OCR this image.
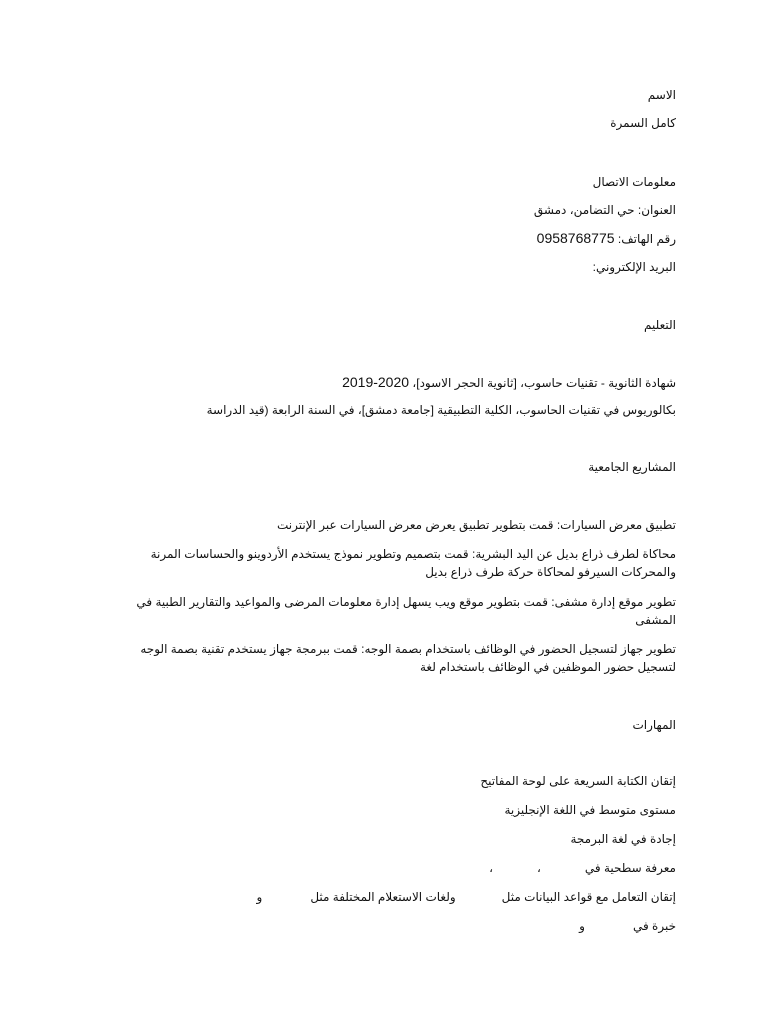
الاسم
كامل السمرة
معلومات الاتصال
العنوان: حي التضامن، دمشق
رقم الهاتف: 0958768775
البريد الإلكتروني:
التعليم
شهادة الثانوية - تقنيات حاسوب، [ثانوية الحجر الاسود]، 2019-2020
بكالوريوس في تقنيات الحاسوب، الكلية التطبيقية [جامعة دمشق]، في السنة الرابعة (قيد الدراسة
المشاريع الجامعية
تطبيق معرض السيارات: قمت بتطوير تطبيق يعرض معرض السيارات عبر الإنترنت
محاكاة لطرف ذراع بديل عن اليد البشرية: قمت بتصميم وتطوير نموذج يستخدم الأردوينو والحساسات المرنة والمحركات السيرفو لمحاكاة حركة طرف ذراع بديل
تطوير موقع إدارة مشفى: قمت بتطوير موقع ويب يسهل إدارة معلومات المرضى والمواعيد والتقارير الطبية في المشفى
تطوير جهاز لتسجيل الحضور في الوظائف باستخدام بصمة الوجه: قمت ببرمجة جهاز يستخدم تقنية بصمة الوجه لتسجيل حضور الموظفين في الوظائف باستخدام لغة
المهارات
إتقان الكتابة السريعة على لوحة المفاتيح
مستوى متوسط في اللغة الإنجليزية
إجادة في لغة البرمجة
معرفة سطحية في،،
إتقان التعامل مع قواعد البيانات مثلولغات الاستعلام المختلفة مثلو
خبرة فيو
